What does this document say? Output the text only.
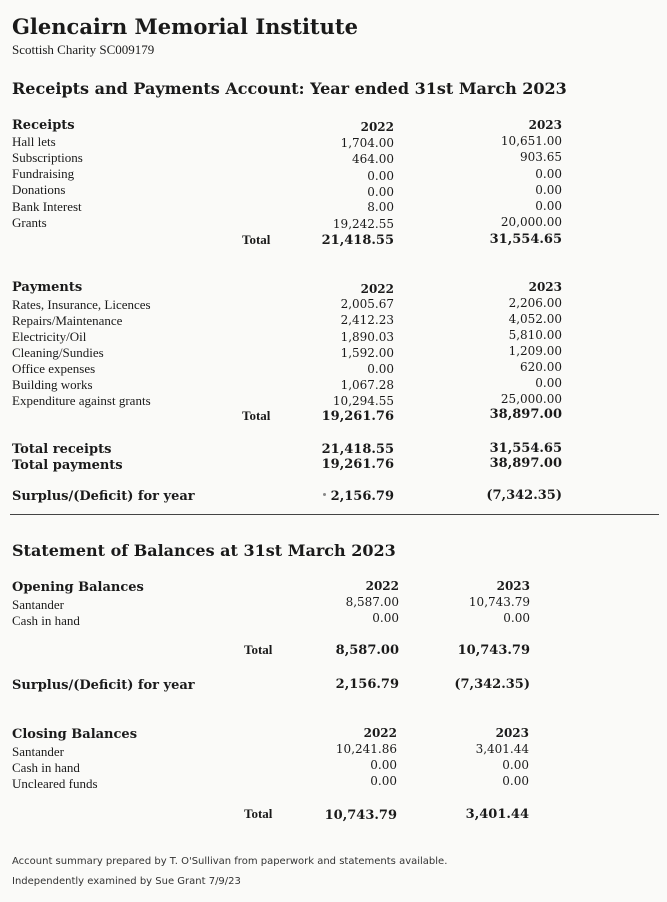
Glencairn Memorial Institute
Scottish Charity SC009179
Receipts and Payments Account: Year ended 31st March 2023
Receipts	2022	2023
Hall lets	1,704.00	10,651.00
Subscriptions	464.00	903.65
Fundraising	0.00	0.00
Donations	0.00	0.00
Bank Interest	8.00	0.00
Grants	19,242.55	20,000.00
Total	21,418.55	31,554.65
Payments	2022	2023
Rates, Insurance, Licences	2,005.67	2,206.00
Repairs/Maintenance	2,412.23	4,052.00
Electricity/Oil	1,890.03	5,810.00
Cleaning/Sundies	1,592.00	1,209.00
Office expenses	0.00	620.00
Building works	1,067.28	0.00
Expenditure against grants	10,294.55	25,000.00
Total	19,261.76	38,897.00
Total receipts	21,418.55	31,554.65
Total payments	19,261.76	38,897.00
Surplus/(Deficit) for year	2,156.79	(7,342.35)
Statement of Balances at 31st March 2023
Opening Balances	2022	2023
Santander	8,587.00	10,743.79
Cash in hand	0.00	0.00
Total	8,587.00	10,743.79
Surplus/(Deficit) for year	2,156.79	(7,342.35)
Closing Balances	2022	2023
Santander	10,241.86	3,401.44
Cash in hand	0.00	0.00
Uncleared funds	0.00	0.00
Total	10,743.79	3,401.44
Account summary prepared by T. O'Sullivan from paperwork and statements available.
Independently examined by Sue Grant 7/9/23
